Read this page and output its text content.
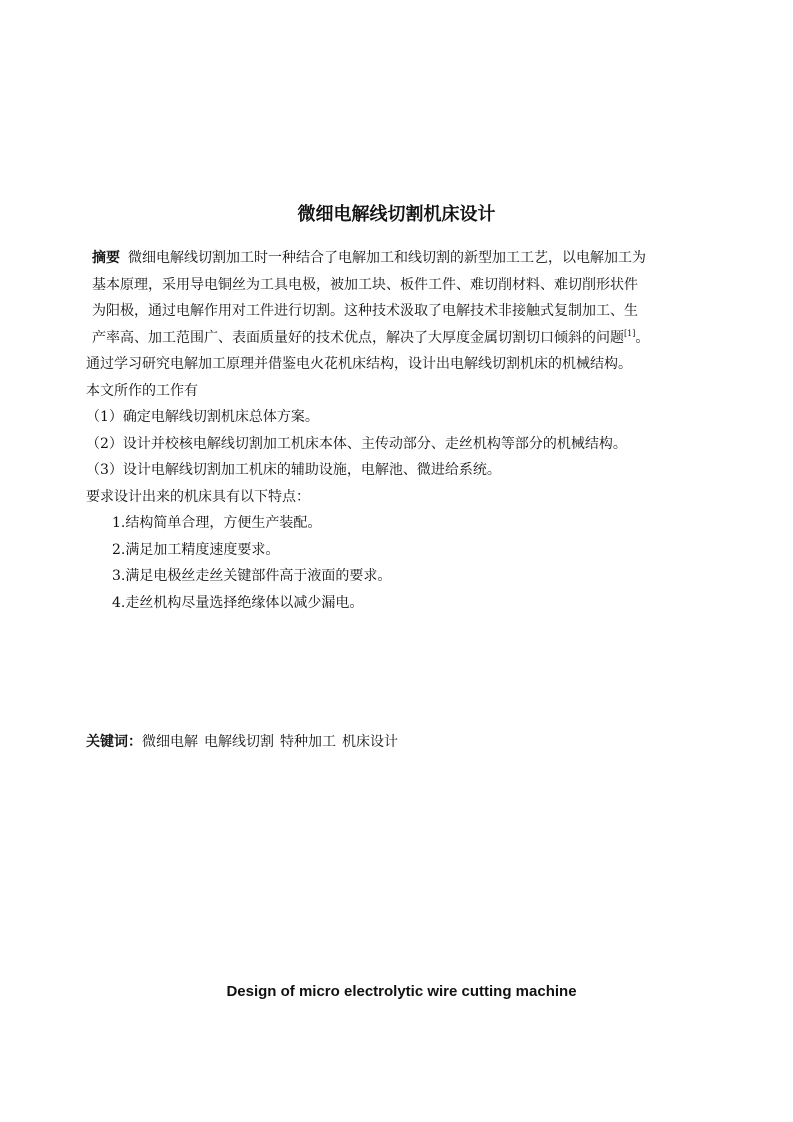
微细电解线切割机床设计
摘要 微细电解线切割加工时一种结合了电解加工和线切割的新型加工工艺，以电解加工为
基本原理，采用导电铜丝为工具电极，被加工块、板件工件、难切削材料、难切削形状件
为阳极，通过电解作用对工件进行切割。这种技术汲取了电解技术非接触式复制加工、生
产率高、加工范围广、表面质量好的技术优点，解决了大厚度金属切割切口倾斜的问题[1]。
通过学习研究电解加工原理并借鉴电火花机床结构，设计出电解线切割机床的机械结构。
本文所作的工作有
（1）确定电解线切割机床总体方案。
（2）设计并校核电解线切割加工机床本体、主传动部分、走丝机构等部分的机械结构。
（3）设计电解线切割加工机床的辅助设施，电解池、微进给系统。
要求设计出来的机床具有以下特点：
1.结构简单合理，方便生产装配。
2.满足加工精度速度要求。
3.满足电极丝走丝关键部件高于液面的要求。
4.走丝机构尽量选择绝缘体以减少漏电。
关键词：微细电解 电解线切割 特种加工 机床设计
Design of micro electrolytic wire cutting machine
